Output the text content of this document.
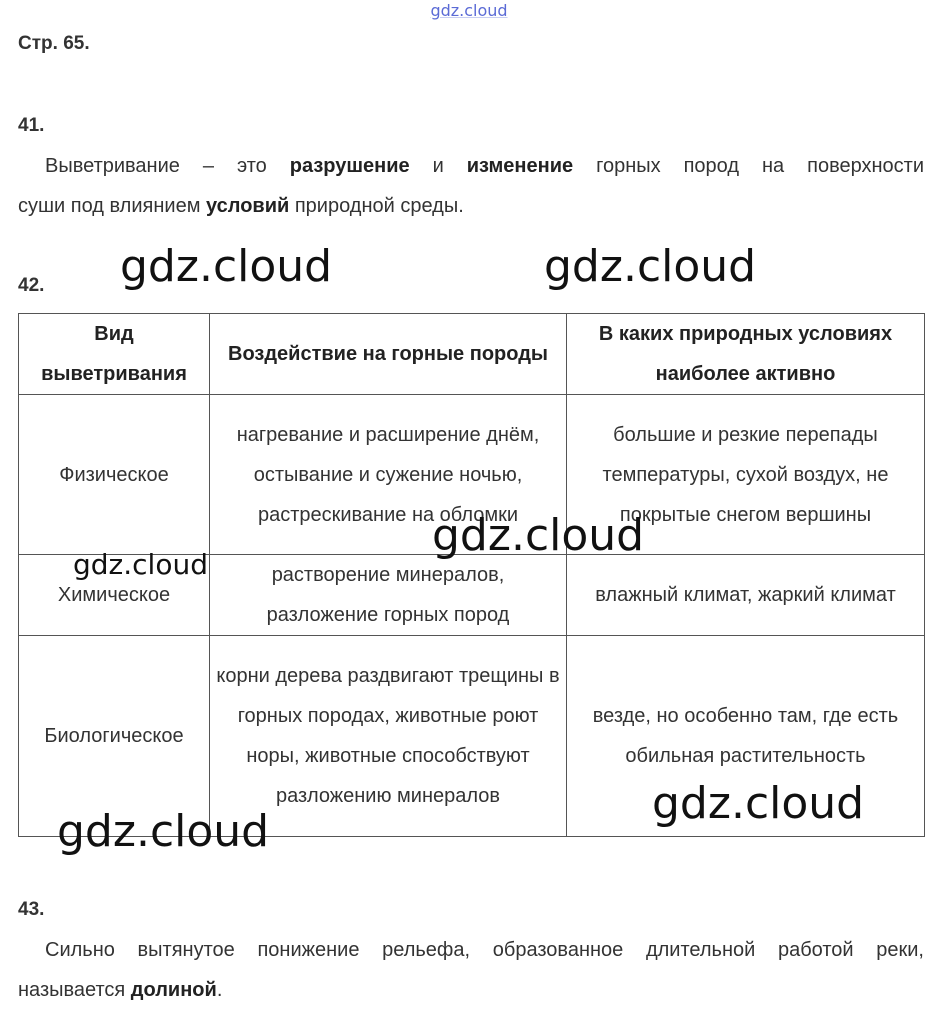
gdz.cloud
Стр. 65.
41.
Выветривание – это разрушение и изменение горных пород на поверхности
суши под влиянием условий природной среды.
42.
Вид выветривания	Воздействие на горные породы	В каких природных условиях наиболее активно
Физическое	нагревание и расширение днём, остывание и сужение ночью, растрескивание на обломки	большие и резкие перепады температуры, сухой воздух, не покрытые снегом вершины
Химическое	растворение минералов, разложение горных пород	влажный климат, жаркий климат
Биологическое	корни дерева раздвигают трещины в горных породах, животные роют норы, животные способствуют разложению минералов	везде, но особенно там, где есть обильная растительность
43.
Сильно вытянутое понижение рельефа, образованное длительной работой реки,
называется долиной.
gdz.cloud	gdz.cloud
gdz.cloud
gdz.cloud
gdz.cloud
gdz.cloud
